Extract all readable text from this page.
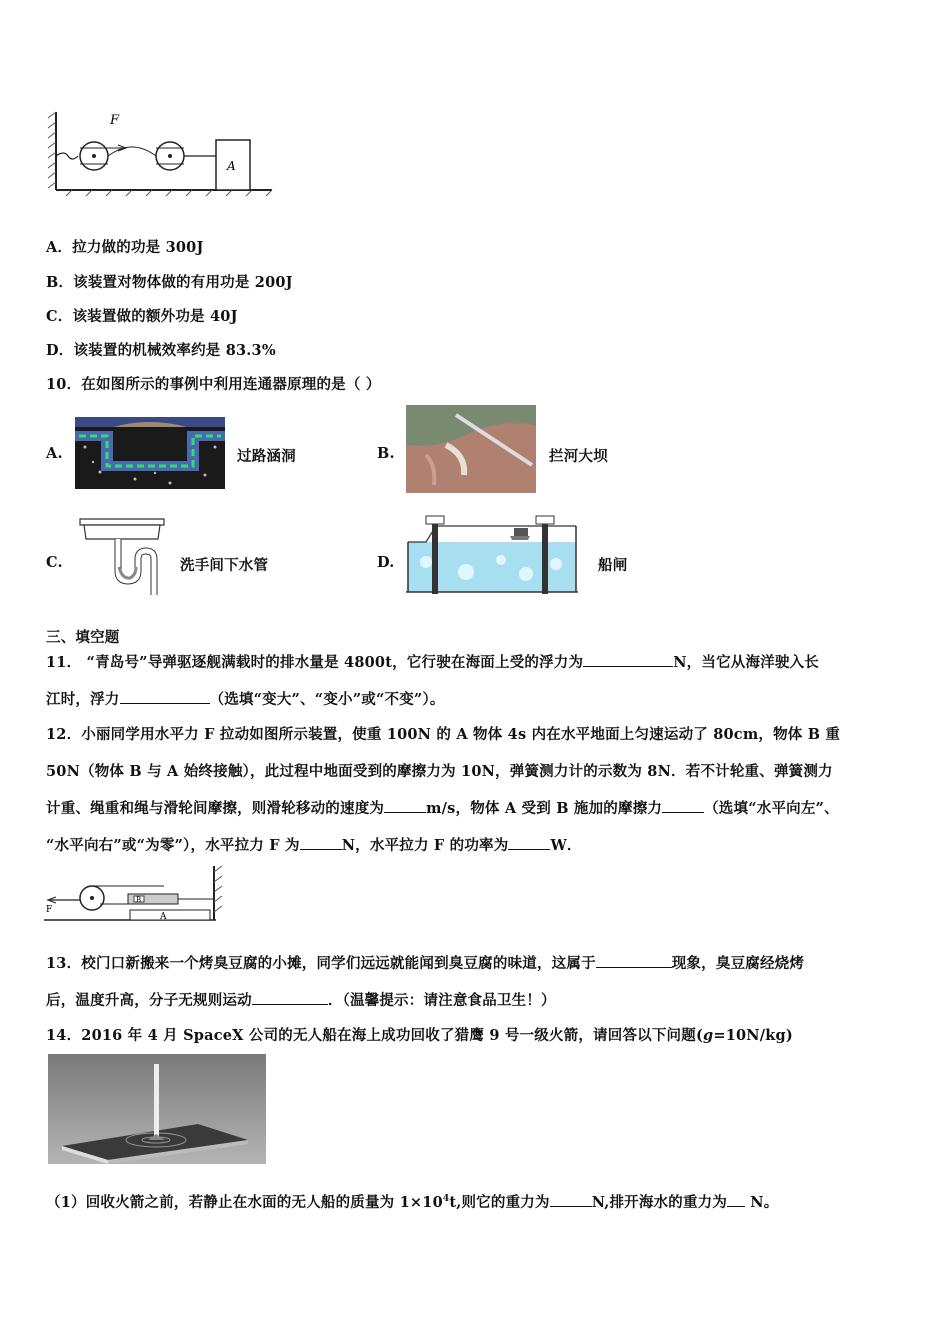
F
A
A．拉力做的功是 300J
B．该装置对物体做的有用功是 200J
C．该装置做的额外功是 40J
D．该装置的机械效率约是 83.3%
10．在如图所示的事例中利用连通器原理的是（ ）
A.	过路涵洞	B.	拦河大坝
C.	洗手间下水管	D.	船闸
三、填空题
11． “青岛号”导弹驱逐舰满载时的排水量是 4800t，它行驶在海面上受的浮力为	N，当它从海洋驶入长
江时，浮力	（选填“变大”、“变小”或“不变”）。
12．小丽同学用水平力 F 拉动如图所示装置，使重 100N 的 A 物体 4s 内在水平地面上匀速运动了 80cm，物体 B 重
50N（物体 B 与 A 始终接触），此过程中地面受到的摩擦力为 10N，弹簧测力计的示数为 8N．若不计轮重、弹簧测力
计重、绳重和绳与滑轮间摩擦，则滑轮移动的速度为	m/s，物体 A 受到 B 施加的摩擦力	（选填“水平向左”、
“水平向右”或“为零”），水平拉力 F 为	N，水平拉力 F 的功率为	W．
F
B
A
13．校门口新搬来一个烤臭豆腐的小摊，同学们远远就能闻到臭豆腐的味道，这属于	现象，臭豆腐经烧烤
后，温度升高，分子无规则运动	．（温馨提示：请注意食品卫生！）
14．2016 年 4 月 SpaceX 公司的无人船在海上成功回收了猎鹰 9 号一级火箭，请回答以下问题(g=10N/kg)
（1）回收火箭之前，若静止在水面的无人船的质量为 $1\times 10^4t$,则它的重力为	N,排开海水的重力为 N。
